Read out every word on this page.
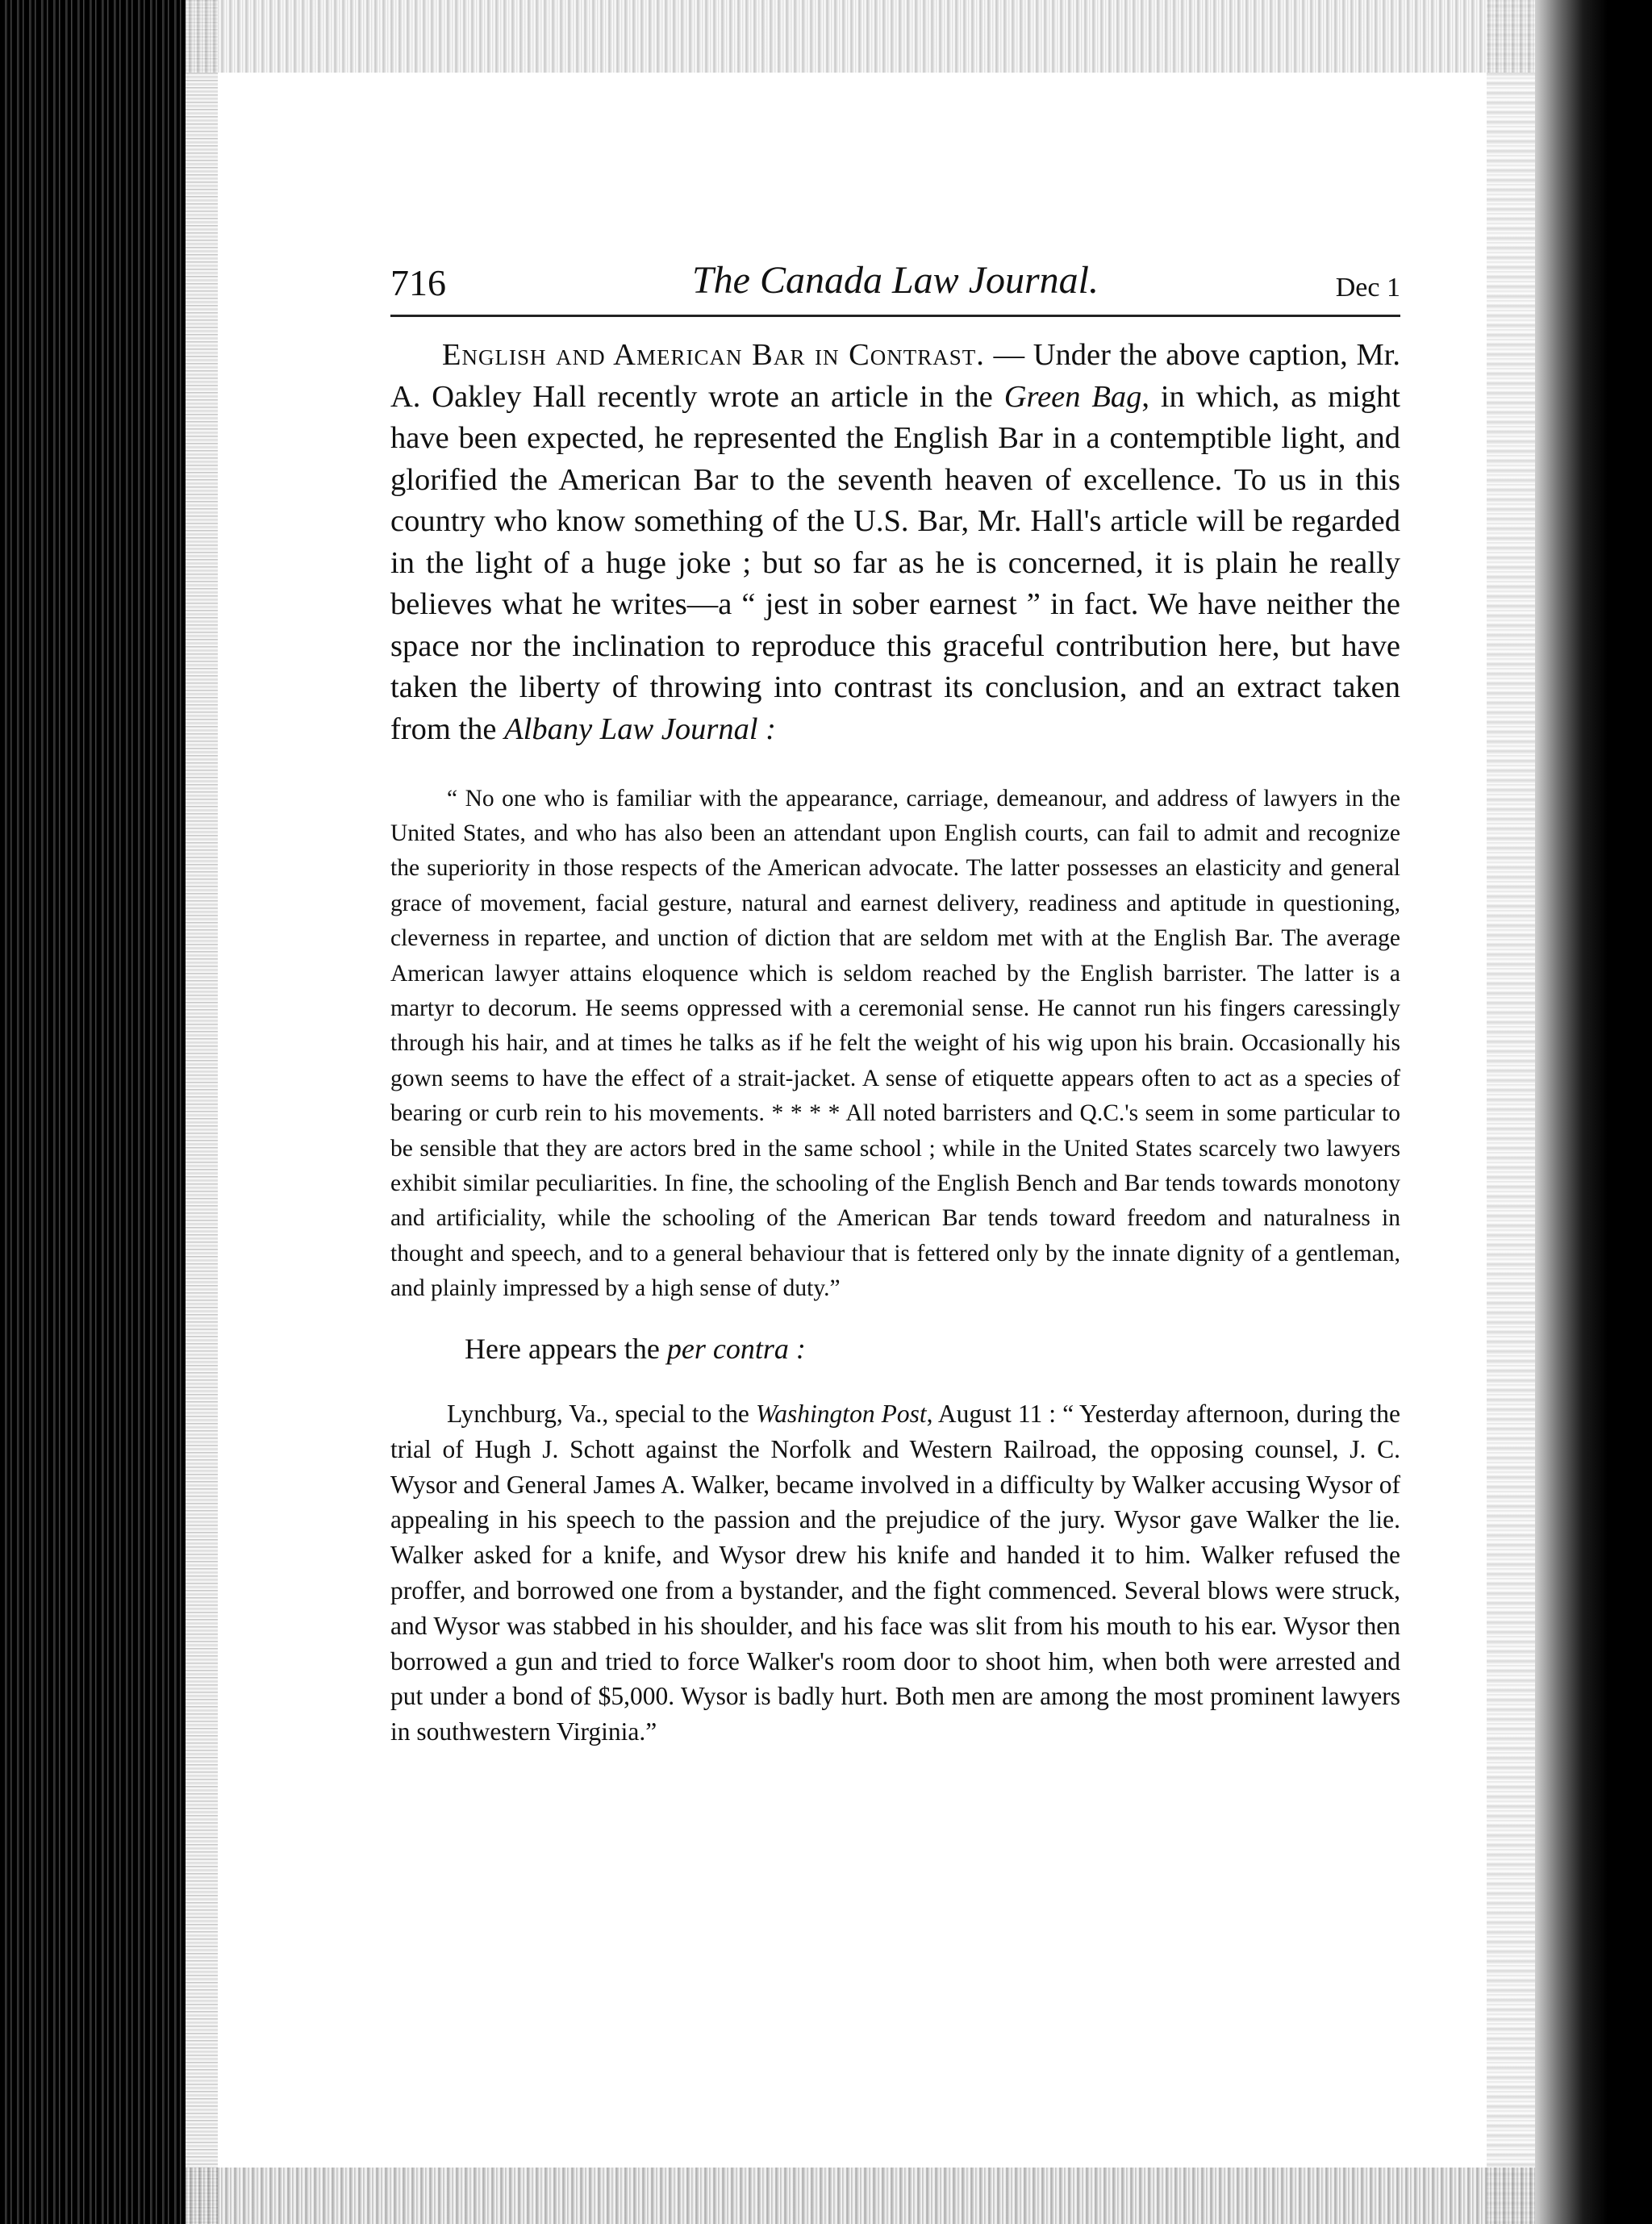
716	The Canada Law Journal.	Dec 1

English and American Bar in Contrast. — Under the above caption, Mr. A. Oakley Hall recently wrote an article in the Green Bag, in which, as might have been expected, he represented the English Bar in a contemptible light, and glorified the American Bar to the seventh heaven of excellence. To us in this country who know something of the U.S. Bar, Mr. Hall's article will be regarded in the light of a huge joke ; but so far as he is concerned, it is plain he really believes what he writes—a “ jest in sober earnest ” in fact. We have neither the space nor the inclination to reproduce this graceful contribution here, but have taken the liberty of throwing into contrast its conclusion, and an extract taken from the Albany Law Journal :

“ No one who is familiar with the appearance, carriage, demeanour, and address of lawyers in the United States, and who has also been an attendant upon English courts, can fail to admit and recognize the superiority in those respects of the American advocate. The latter possesses an elasticity and general grace of movement, facial gesture, natural and earnest delivery, readiness and aptitude in questioning, cleverness in repartee, and unction of diction that are seldom met with at the English Bar. The average American lawyer attains eloquence which is seldom reached by the English barrister. The latter is a martyr to decorum. He seems oppressed with a ceremonial sense. He cannot run his fingers caressingly through his hair, and at times he talks as if he felt the weight of his wig upon his brain. Occasionally his gown seems to have the effect of a strait-jacket. A sense of etiquette appears often to act as a species of bearing or curb rein to his movements. * * * * All noted barristers and Q.C.'s seem in some particular to be sensible that they are actors bred in the same school ; while in the United States scarcely two lawyers exhibit similar peculiarities. In fine, the schooling of the English Bench and Bar tends towards monotony and artificiality, while the schooling of the American Bar tends toward freedom and naturalness in thought and speech, and to a general behaviour that is fettered only by the innate dignity of a gentleman, and plainly impressed by a high sense of duty.”

Here appears the per contra :

Lynchburg, Va., special to the Washington Post, August 11 : “ Yesterday afternoon, during the trial of Hugh J. Schott against the Norfolk and Western Railroad, the opposing counsel, J. C. Wysor and General James A. Walker, became involved in a difficulty by Walker accusing Wysor of appealing in his speech to the passion and the prejudice of the jury. Wysor gave Walker the lie. Walker asked for a knife, and Wysor drew his knife and handed it to him. Walker refused the proffer, and borrowed one from a bystander, and the fight commenced. Several blows were struck, and Wysor was stabbed in his shoulder, and his face was slit from his mouth to his ear. Wysor then borrowed a gun and tried to force Walker's room door to shoot him, when both were arrested and put under a bond of $5,000. Wysor is badly hurt. Both men are among the most prominent lawyers in southwestern Virginia.”
